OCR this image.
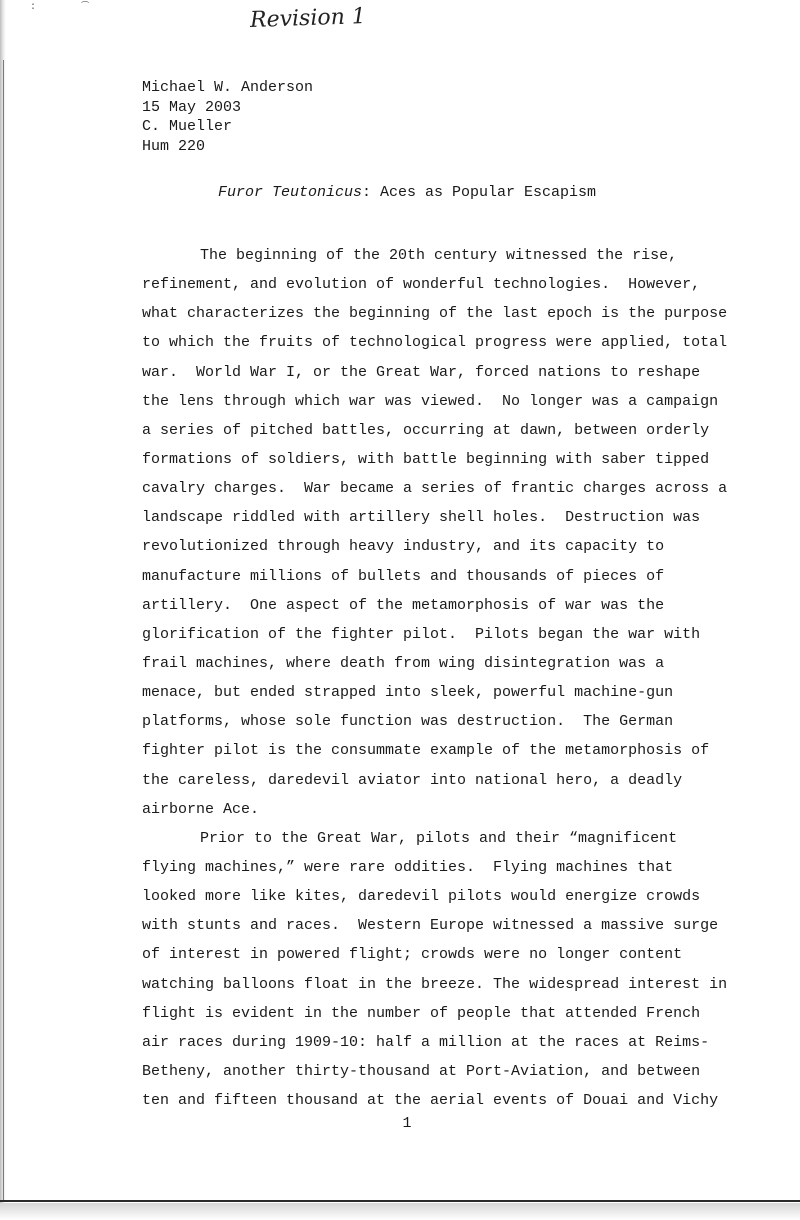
: ͡	Revision 1
Michael W. Anderson
15 May 2003
C. Mueller
Hum 220
Furor Teutonicus: Aces as Popular Escapism
The beginning of the 20th century witnessed the rise,
refinement, and evolution of wonderful technologies.  However,
what characterizes the beginning of the last epoch is the purpose
to which the fruits of technological progress were applied, total
war.  World War I, or the Great War, forced nations to reshape
the lens through which war was viewed.  No longer was a campaign
a series of pitched battles, occurring at dawn, between orderly
formations of soldiers, with battle beginning with saber tipped
cavalry charges.  War became a series of frantic charges across a
landscape riddled with artillery shell holes.  Destruction was
revolutionized through heavy industry, and its capacity to
manufacture millions of bullets and thousands of pieces of
artillery.  One aspect of the metamorphosis of war was the
glorification of the fighter pilot.  Pilots began the war with
frail machines, where death from wing disintegration was a
menace, but ended strapped into sleek, powerful machine-gun
platforms, whose sole function was destruction.  The German
fighter pilot is the consummate example of the metamorphosis of
the careless, daredevil aviator into national hero, a deadly
airborne Ace.
Prior to the Great War, pilots and their “magnificent
flying machines,” were rare oddities.  Flying machines that
looked more like kites, daredevil pilots would energize crowds
with stunts and races.  Western Europe witnessed a massive surge
of interest in powered flight; crowds were no longer content
watching balloons float in the breeze. The widespread interest in
flight is evident in the number of people that attended French
air races during 1909-10: half a million at the races at Reims-
Betheny, another thirty-thousand at Port-Aviation, and between
ten and fifteen thousand at the aerial events of Douai and Vichy
1
